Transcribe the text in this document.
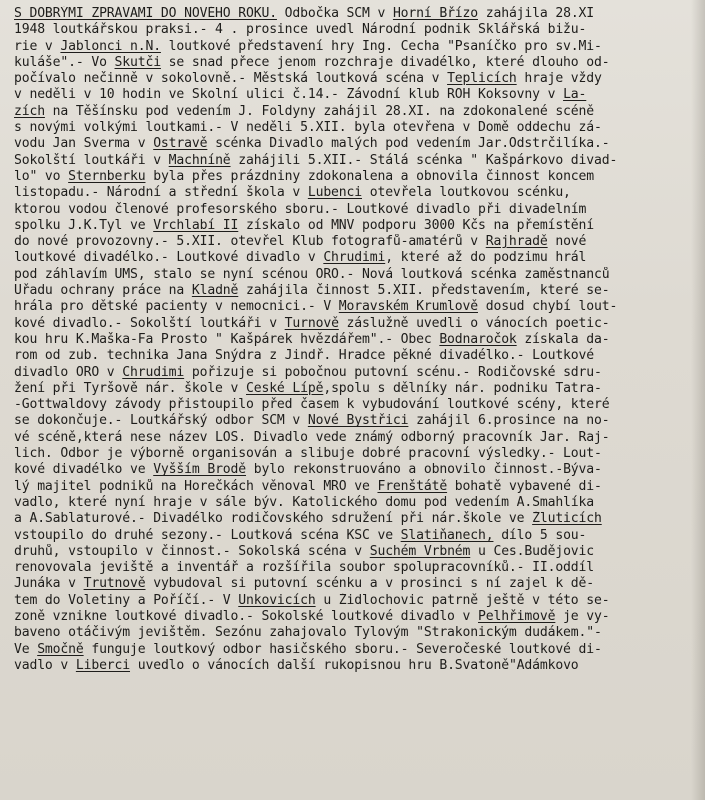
S DOBRÝMI ZPRÁVAMI DO NOVÉHO ROKU. Odbočka SČM v Horní Břízo zahájila 28.XI
1948 loutkářskou praksi.- 4 . prosince uvedl Národní podnik Sklářská bižu-
rie v Jablonci n.N. loutkové představení hry Ing. Čecha "Psaníčko pro sv.Mi-
kuláše".- Vo Skutči se snad přece jenom rozchraje divadélko, které dlouho od-
počívalo nečinně v sokolovně.- Městská loutková scéna v Teplicích hraje vždy
v neděli v 10 hodin ve Školní ulici č.14.- Závodní klub ROH Koksovny v La-
zích na Těšínsku pod vedením J. Foldyny zahájil 28.XI. na zdokonalené scéně
s novými volkými loutkami.- V neděli 5.XII. byla otevřena v Domě oddechu zá-
vodu Jan Šverma v Ostravě scénka Divadlo malých pod vedením Jar.Odstrčilíka.-
Sokolští loutkáři v Machníně zahájili 5.XII.- Stálá scénka " Kašpárkovo divad-
lo" vo Šternberku byla přes prázdniny zdokonalena a obnovila činnost koncem
listopadu.- Národní a střední škola v Lubenci otevřela loutkovou scénku,
ktorou vodou členové profesorského sboru.- Loutkové divadlo při divadelním
spolku J.K.Tyl ve Vrchlabí II získalo od MNV podporu 3000 Kčs na přemístění
do nové provozovny.- 5.XII. otevřel Klub fotografů-amatérů v Rajhradě nové
loutkové divadélko.- Loutkové divadlo v Chrudimi, které až do podzimu hrál
pod záhlavím ÚMS, stalo se nyní scénou ORO.- Nová loutková scénka zaměstnanců
Úřadu ochrany práce na Kladně zahájila činnost 5.XII. představením, které se-
hrála pro dětské pacienty v nemocnici.- V Moravském Krumlově dosud chybí lout-
kové divadlo.- Sokolští loutkáři v Turnově záslužně uvedli o vánocích poetic-
kou hru K.Maška-Fa Prosto " Kašpárek hvězdářem".- Obec Bodnaročok získala da-
rom od zub. technika Jana Šnýdra z Jindř. Hradce pěkné divadélko.- Loutkové
divadlo ORO v Chrudimi pořizuje si pobočnou putovní scénu.- Rodičovské sdru-
žení při Tyršově nár. škole v České Lípě,spolu s dělníky nár. podniku Tatra-
-Gottwaldovy závody přistoupilo před časem k vybudování loutkové scény, které
se dokončuje.- Loutkářský odbor SČM v Nové Bystřici zahájil 6.prosince na no-
vé scéně,která nese název LOS. Divadlo vede známý odborný pracovník Jar. Raj-
lich. Odbor je výborně organisován a slibuje dobré pracovní výsledky.- Lout-
kové divadélko ve Vyšším Brodě bylo rekonstruováno a obnovilo činnost.-Býva-
lý majitel podniků na Horečkách věnoval MRO ve Frenštátě bohatě vybavené di-
vadlo, které nyní hraje v sále býv. Katolického domu pod vedením A.Šmahlíka
a A.Šablaturové.- Divadélko rodičovského sdružení při nár.škole ve Žluticích
vstoupilo do druhé sezony.- Loutková scéna KSČ ve Slatiňanech, dílo 5 sou-
druhů, vstoupilo v činnost.- Sokolská scéna v Suchém Vrbném u Čes.Budějovic
renovovala jeviště a inventář a rozšířila soubor spolupracovníků.- II.oddíl
Junáka v Trutnově vybudoval si putovní scénku a v prosinci s ní zajel k dě-
tem do Voletiny a Poříčí.- V Unkovicích u Židlochovic patrně ještě v této se-
zoně vznikne loutkové divadlo.- Sokolské loutkové divadlo v Pelhřimově je vy-
baveno otáčivým jevištěm. Sezónu zahajovalo Tylovým "Strakonickým dudákem."-
Ve Smočně funguje loutkový odbor hasičského sboru.- Severočeské loutkové di-
vadlo v Liberci uvedlo o vánocích další rukopisnou hru B.Svatoně"Adámkovo
